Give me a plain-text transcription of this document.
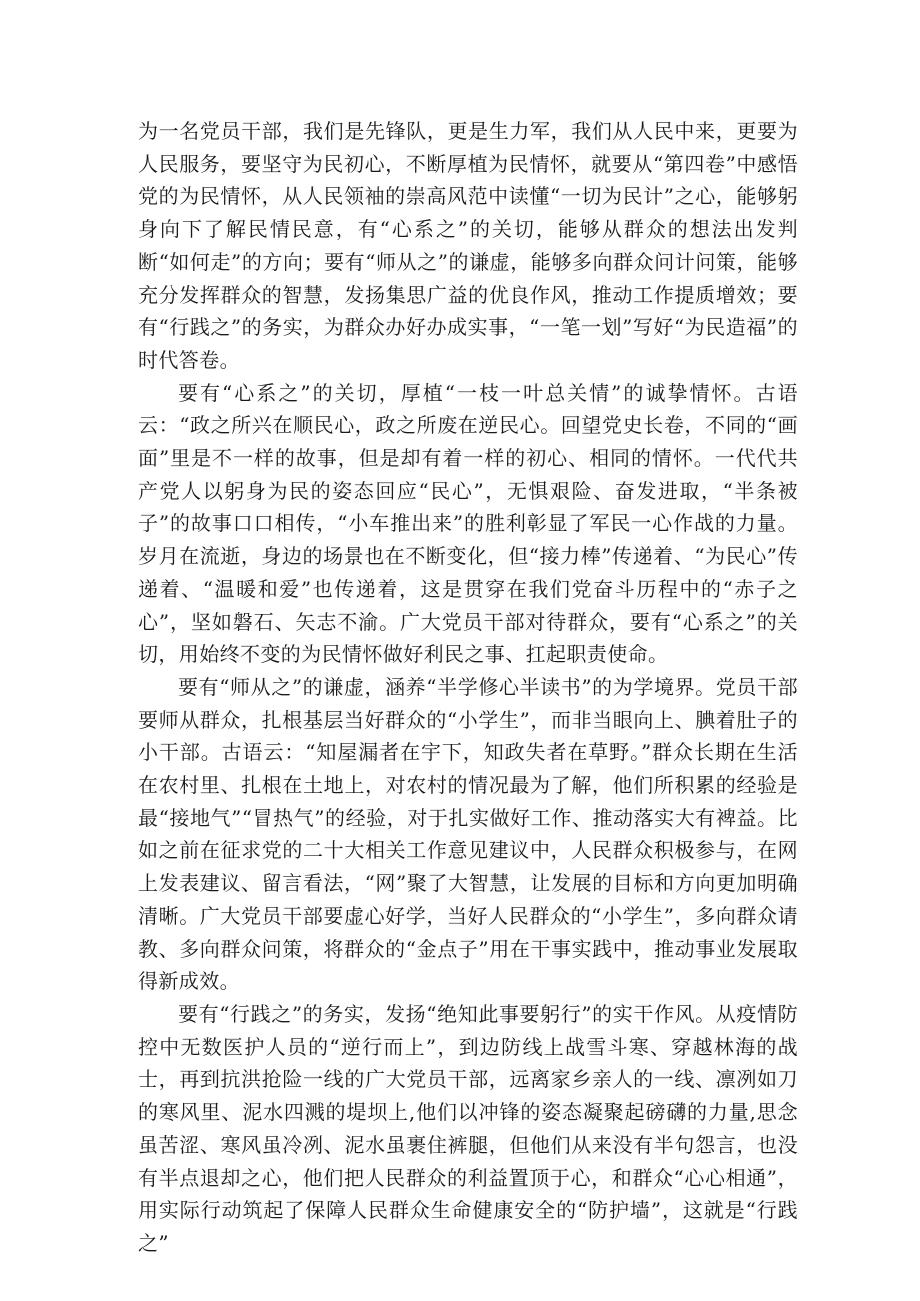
为一名党员干部，我们是先锋队，更是生力军，我们从人民中来，更要为人民服务，要坚守为民初心，不断厚植为民情怀，就要从“第四卷”中感悟党的为民情怀，从人民领袖的崇高风范中读懂“一切为民计”之心，能够躬身向下了解民情民意，有“心系之”的关切，能够从群众的想法出发判断“如何走”的方向；要有“师从之”的谦虚，能够多向群众问计问策，能够充分发挥群众的智慧，发扬集思广益的优良作风，推动工作提质增效；要有“行践之”的务实，为群众办好办成实事，“一笔一划”写好“为民造福”的时代答卷。

要有“心系之”的关切，厚植“一枝一叶总关情”的诚挚情怀。古语云：“政之所兴在顺民心，政之所废在逆民心。回望党史长卷，不同的“画面”里是不一样的故事，但是却有着一样的初心、相同的情怀。一代代共产党人以躬身为民的姿态回应“民心”，无惧艰险、奋发进取，“半条被子”的故事口口相传，“小车推出来”的胜利彰显了军民一心作战的力量。岁月在流逝，身边的场景也在不断变化，但“接力棒”传递着、“为民心”传递着、“温暖和爱”也传递着，这是贯穿在我们党奋斗历程中的“赤子之心”，坚如磐石、矢志不渝。广大党员干部对待群众，要有“心系之”的关切，用始终不变的为民情怀做好利民之事、扛起职责使命。

要有“师从之”的谦虚，涵养“半学修心半读书”的为学境界。党员干部要师从群众，扎根基层当好群众的“小学生”，而非当眼向上、腆着肚子的小干部。古语云：“知屋漏者在宇下，知政失者在草野。”群众长期在生活在农村里、扎根在土地上，对农村的情况最为了解，他们所积累的经验是最“接地气”“冒热气”的经验，对于扎实做好工作、推动落实大有裨益。比如之前在征求党的二十大相关工作意见建议中，人民群众积极参与，在网上发表建议、留言看法，“网”聚了大智慧，让发展的目标和方向更加明确清晰。广大党员干部要虚心好学，当好人民群众的“小学生”，多向群众请教、多向群众问策，将群众的“金点子”用在干事实践中，推动事业发展取得新成效。

要有“行践之”的务实，发扬“绝知此事要躬行”的实干作风。从疫情防控中无数医护人员的“逆行而上”，到边防线上战雪斗寒、穿越林海的战士，再到抗洪抢险一线的广大党员干部，远离家乡亲人的一线、凛冽如刀的寒风里、泥水四溅的堤坝上,他们以冲锋的姿态凝聚起磅礴的力量,思念虽苦涩、寒风虽冷冽、泥水虽裹住裤腿，但他们从来没有半句怨言，也没有半点退却之心，他们把人民群众的利益置顶于心，和群众“心心相通”，用实际行动筑起了保障人民群众生命健康安全的“防护墙”，这就是“行践之”
